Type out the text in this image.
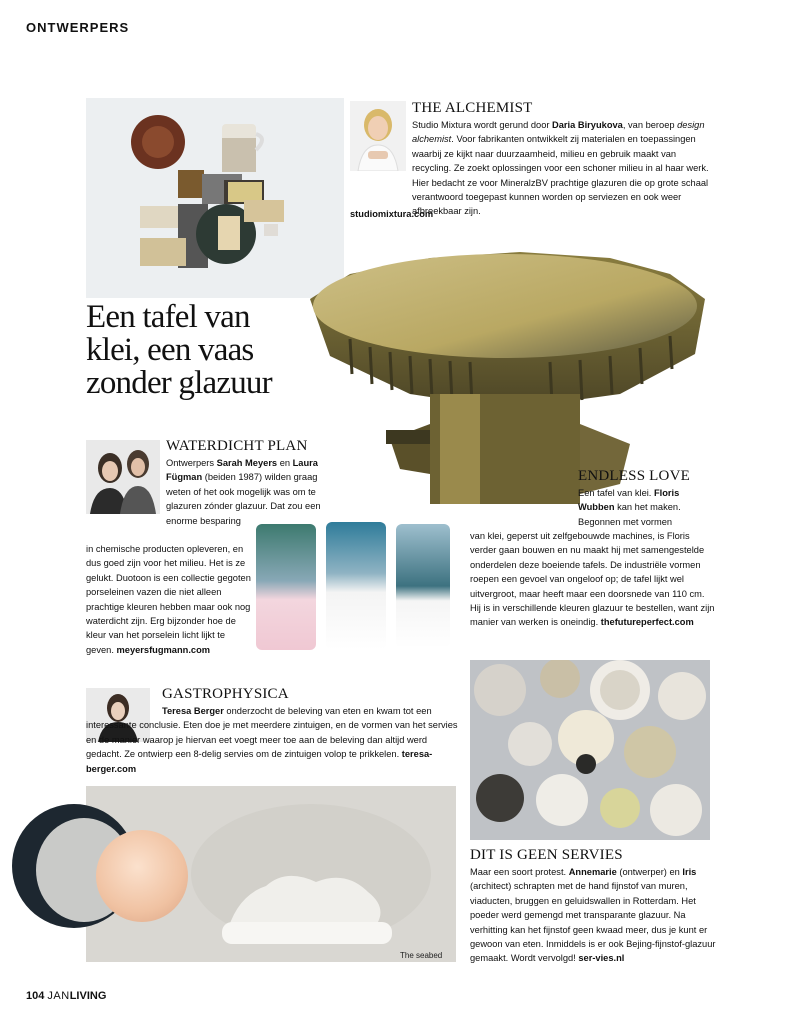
ONTWERPERS
THE ALCHEMIST
Studio Mixtura wordt gerund door Daria Biryukova, van beroep design alchemist. Voor fabrikanten ontwikkelt zij materialen en toepassingen waarbij ze kijkt naar duurzaamheid, milieu en gebruik maakt van recycling. Ze zoekt oplossingen voor een schoner milieu in al haar werk. Hier bedacht ze voor MineralzBV prachtige glazuren die op grote schaal verantwoord toegepast kunnen worden op serviezen en ook weer afbreekbaar zijn.
studiomixtura.com
Een tafel van
klei, een vaas
zonder glazuur
WATERDICHT PLAN
Ontwerpers Sarah Meyers en Laura Fügman (beiden 1987) wilden graag weten of het ook mogelijk was om te glazuren zónder glazuur. Dat zou een enorme besparing
in chemische producten opleveren, en dus goed zijn voor het milieu. Het is ze gelukt. Duotoon is een collectie gegoten porseleinen vazen die niet alleen prachtige kleuren hebben maar ook nog waterdicht zijn. Erg bijzonder hoe de kleur van het porselein licht lijkt te geven. meyersfugmann.com
ENDLESS LOVE
Een tafel van klei. Floris Wubben kan het maken. Begonnen met vormen
van klei, geperst uit zelfgebouwde machines, is Floris verder gaan bouwen en nu maakt hij met samengestelde onderdelen deze boeiende tafels. De industriële vormen roepen een gevoel van ongeloof op; de tafel lijkt wel uitvergroot, maar heeft maar een doorsnede van 110 cm. Hij is in verschillende kleuren glazuur te bestellen, want zijn manier van werken is oneindig. thefutureperfect.com
GASTROPHYSICA
Teresa Berger onderzocht de beleving van eten en kwam tot een interessante conclusie. Eten doe je met meerdere zintuigen, en de vormen van het servies en de manier waarop je hiervan eet voegt meer toe aan de beleving dan altijd werd gedacht. Ze ontwierp een 8-delig servies om de zintuigen volop te prikkelen. teresa-berger.com
The seabed
DIT IS GEEN SERVIES
Maar een soort protest. Annemarie (ontwerper) en Iris (architect) schrapten met de hand fijnstof van muren, viaducten, bruggen en geluidswallen in Rotterdam. Het poeder werd gemengd met transparante glazuur. Na verhitting kan het fijnstof geen kwaad meer, dus je kunt er gewoon van eten. Inmiddels is er ook Bejing-fijnstof-glazuur gemaakt. Wordt vervolgd! ser-vies.nl
104 JANLIVING
